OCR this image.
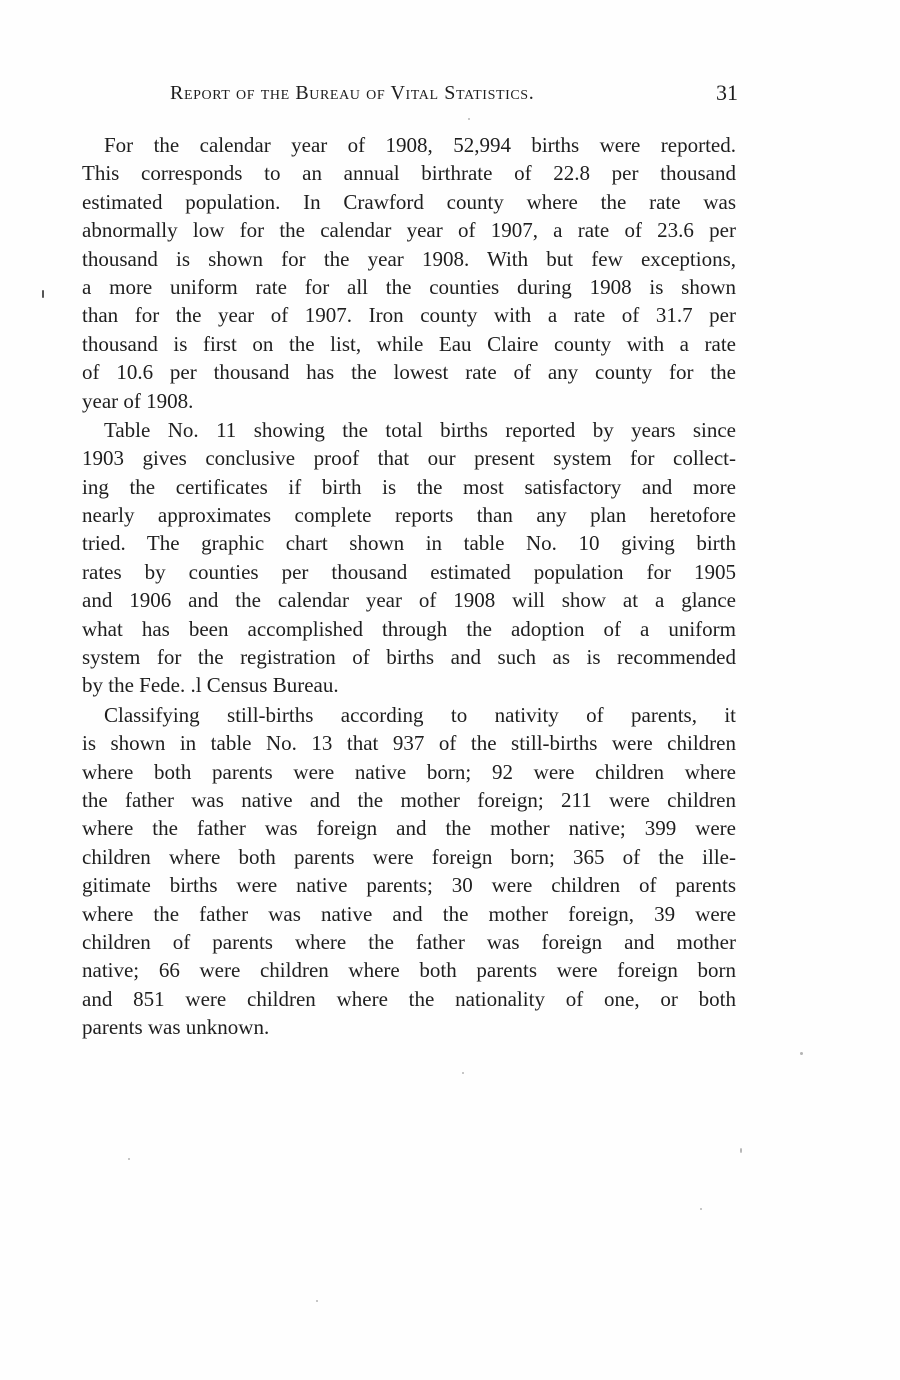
Report of the Bureau of Vital Statistics.	31
For the calendar year of 1908, 52,994 births were reported.
This corresponds to an annual birthrate of 22.8 per thousand
estimated population. In Crawford county where the rate was
abnormally low for the calendar year of 1907, a rate of 23.6 per
thousand is shown for the year 1908. With but few exceptions,
a more uniform rate for all the counties during 1908 is shown
than for the year of 1907. Iron county with a rate of 31.7 per
thousand is first on the list, while Eau Claire county with a rate
of 10.6 per thousand has the lowest rate of any county for the
year of 1908.
Table No. 11 showing the total births reported by years since
1903 gives conclusive proof that our present system for collect-
ing the certificates if birth is the most satisfactory and more
nearly approximates complete reports than any plan heretofore
tried. The graphic chart shown in table No. 10 giving birth
rates by counties per thousand estimated population for 1905
and 1906 and the calendar year of 1908 will show at a glance
what has been accomplished through the adoption of a uniform
system for the registration of births and such as is recommended
by the Fede. .l Census Bureau.
Classifying still-births according to nativity of parents, it
is shown in table No. 13 that 937 of the still-births were children
where both parents were native born; 92 were children where
the father was native and the mother foreign; 211 were children
where the father was foreign and the mother native; 399 were
children where both parents were foreign born; 365 of the ille-
gitimate births were native parents; 30 were children of parents
where the father was native and the mother foreign, 39 were
children of parents where the father was foreign and mother
native; 66 were children where both parents were foreign born
and 851 were children where the nationality of one, or both
parents was unknown.
